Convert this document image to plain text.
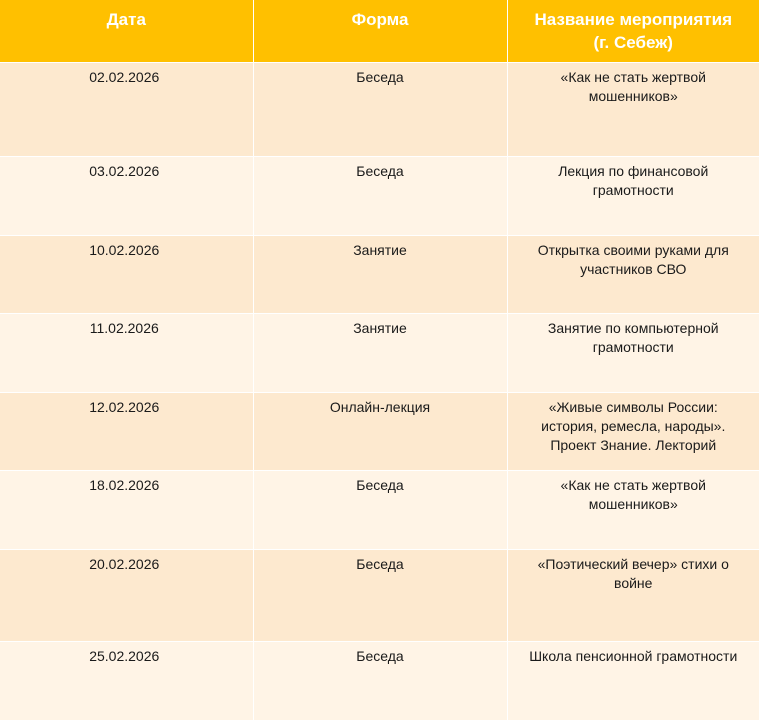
Дата	Форма	Название мероприятия
(г. Себеж)

02.02.2026	Беседа	«Как не стать жертвой
мошенников»

03.02.2026	Беседа	Лекция по финансовой
грамотности

10.02.2026	Занятие	Открытка своими руками для
участников СВО

11.02.2026	Занятие	Занятие по компьютерной
грамотности

12.02.2026	Онлайн-лекция	«Живые символы России:
история, ремесла, народы».
Проект Знание. Лекторий

18.02.2026	Беседа	«Как не стать жертвой
мошенников»

20.02.2026	Беседа	«Поэтический вечер» стихи о
войне

25.02.2026	Беседа	Школа пенсионной грамотности
